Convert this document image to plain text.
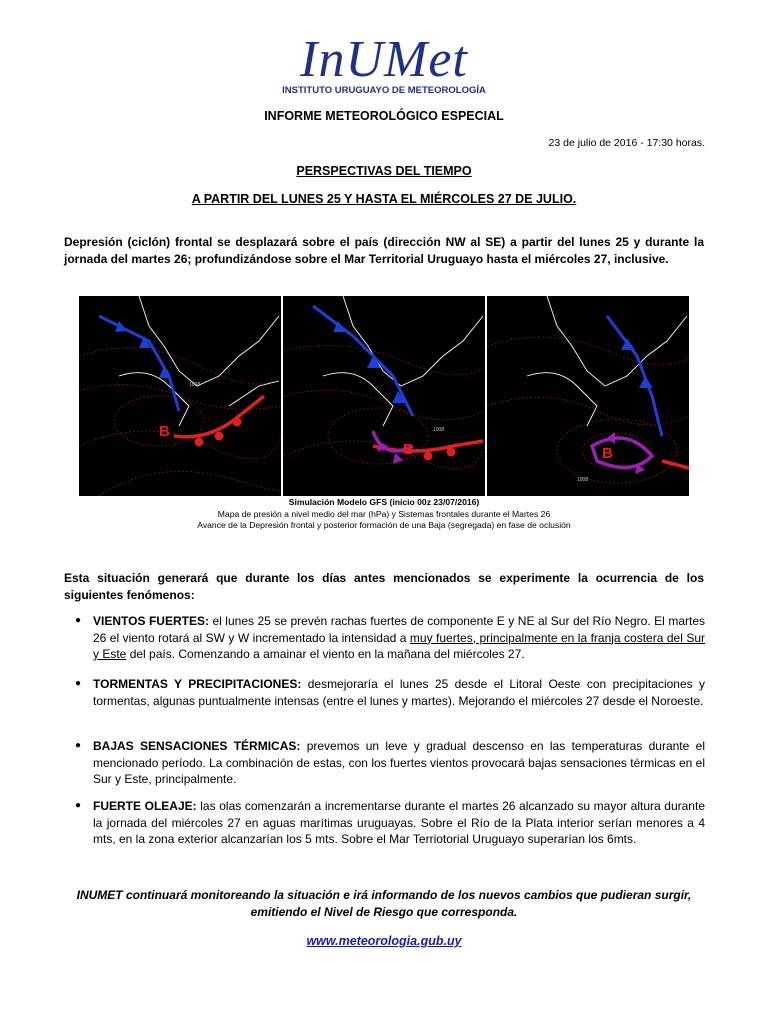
InUMet
INSTITUTO URUGUAYO DE METEOROLOGÍA
INFORME METEOROLÓGICO ESPECIAL
23 de julio de 2016 - 17:30 horas.
PERSPECTIVAS DEL TIEMPO
A PARTIR DEL LUNES 25 Y HASTA EL MIÉRCOLES 27 DE JULIO.
Depresión (ciclón) frontal se desplazará sobre el país (dirección NW al SE) a partir del lunes 25 y durante la jornada del martes 26; profundizándose sobre el Mar Territorial Uruguayo hasta el miércoles 27, inclusive.
B
1008
B
1008
B
1008
Simulación Modelo GFS (inicio 00z 23/07/2016)
Mapa de presión a nivel medio del mar (hPa) y Sistemas frontales durante el Martes 26
Avance de la Depresión frontal y posterior formación de una Baja (segregada) en fase de oclusión
Esta situación generará que durante los días antes mencionados se experimente la ocurrencia de los siguientes fenómenos:
● VIENTOS FUERTES: el lunes 25 se prevén rachas fuertes de componente E y NE al Sur del Río Negro. El martes 26 el viento rotará al SW y W incrementado la intensidad a muy fuertes, principalmente en la franja costera del Sur y Este del país. Comenzando a amainar el viento en la mañana del miércoles 27.
● TORMENTAS Y PRECIPITACIONES: desmejoraría el lunes 25 desde el Litoral Oeste con precipitaciones y tormentas, algunas puntualmente intensas (entre el lunes y martes). Mejorando el miércoles 27 desde el Noroeste.
● BAJAS SENSACIONES TÉRMICAS: prevemos un leve y gradual descenso en las temperaturas durante el mencionado período. La combinación de estas, con los fuertes vientos provocará bajas sensaciones térmicas en el Sur y Este, principalmente.
● FUERTE OLEAJE: las olas comenzarán a incrementarse durante el martes 26 alcanzado su mayor altura durante la jornada del miércoles 27 en aguas marítimas uruguayas. Sobre el Río de la Plata interior serían menores a 4 mts, en la zona exterior alcanzarían los 5 mts. Sobre el Mar Terriotorial Uruguayo superarían los 6mts.
INUMET continuará monitoreando la situación e irá informando de los nuevos cambios que pudieran surgir, emitiendo el Nivel de Riesgo que corresponda.
www.meteorologia.gub.uy
